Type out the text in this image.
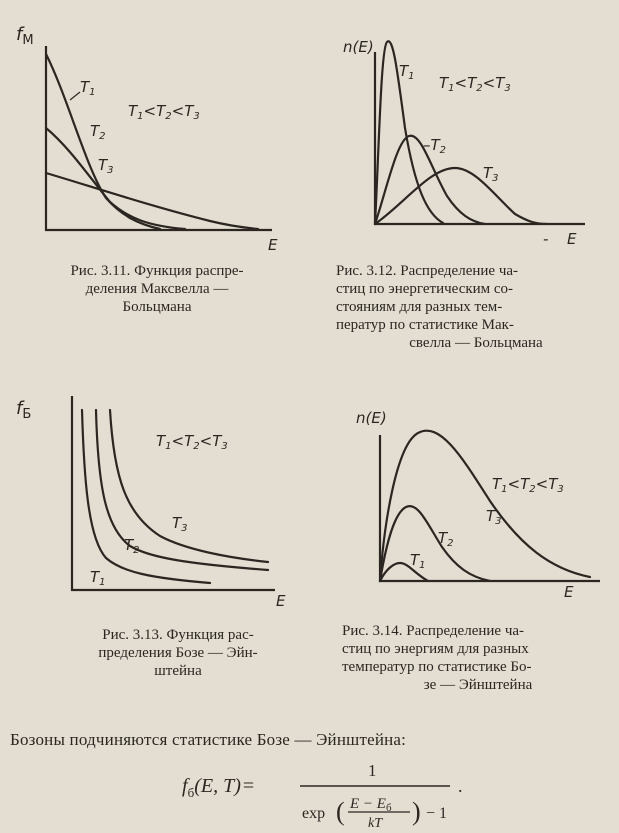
$f_M$
E
$T_1$
$T_2$
$T_3$
$T_1<T_2<T_3$
Рис. 3.11. Функция распре-
деления Максвелла —
Больцмана
n(E)
- E
$T_1$
$-T_2$
$T_3$
$T_1<T_2<T_3$
Рис. 3.12. Распределение ча-
стиц по энергетическим со-
стояниям для разных тем-
ператур по статистике Мак-
свелла — Больцмана
$f_Б$
E
$T_1$
$T_2$
$T_3$
$T_1<T_2<T_3$
Рис. 3.13. Функция рас-
пределения Бозе — Эйн-
штейна
n(E)
E
$T_1$
$T_2$
$T_3$
$T_1<T_2<T_3$
Рис. 3.14. Распределение ча-
стиц по энергиям для разных
температур по статистике Бо-
зе — Эйнштейна
Бозоны подчиняются статистике Бозе — Эйнштейна:
$f_б(E$, T) =
1
.
exp ( $E - E_б$
kT ) − 1
